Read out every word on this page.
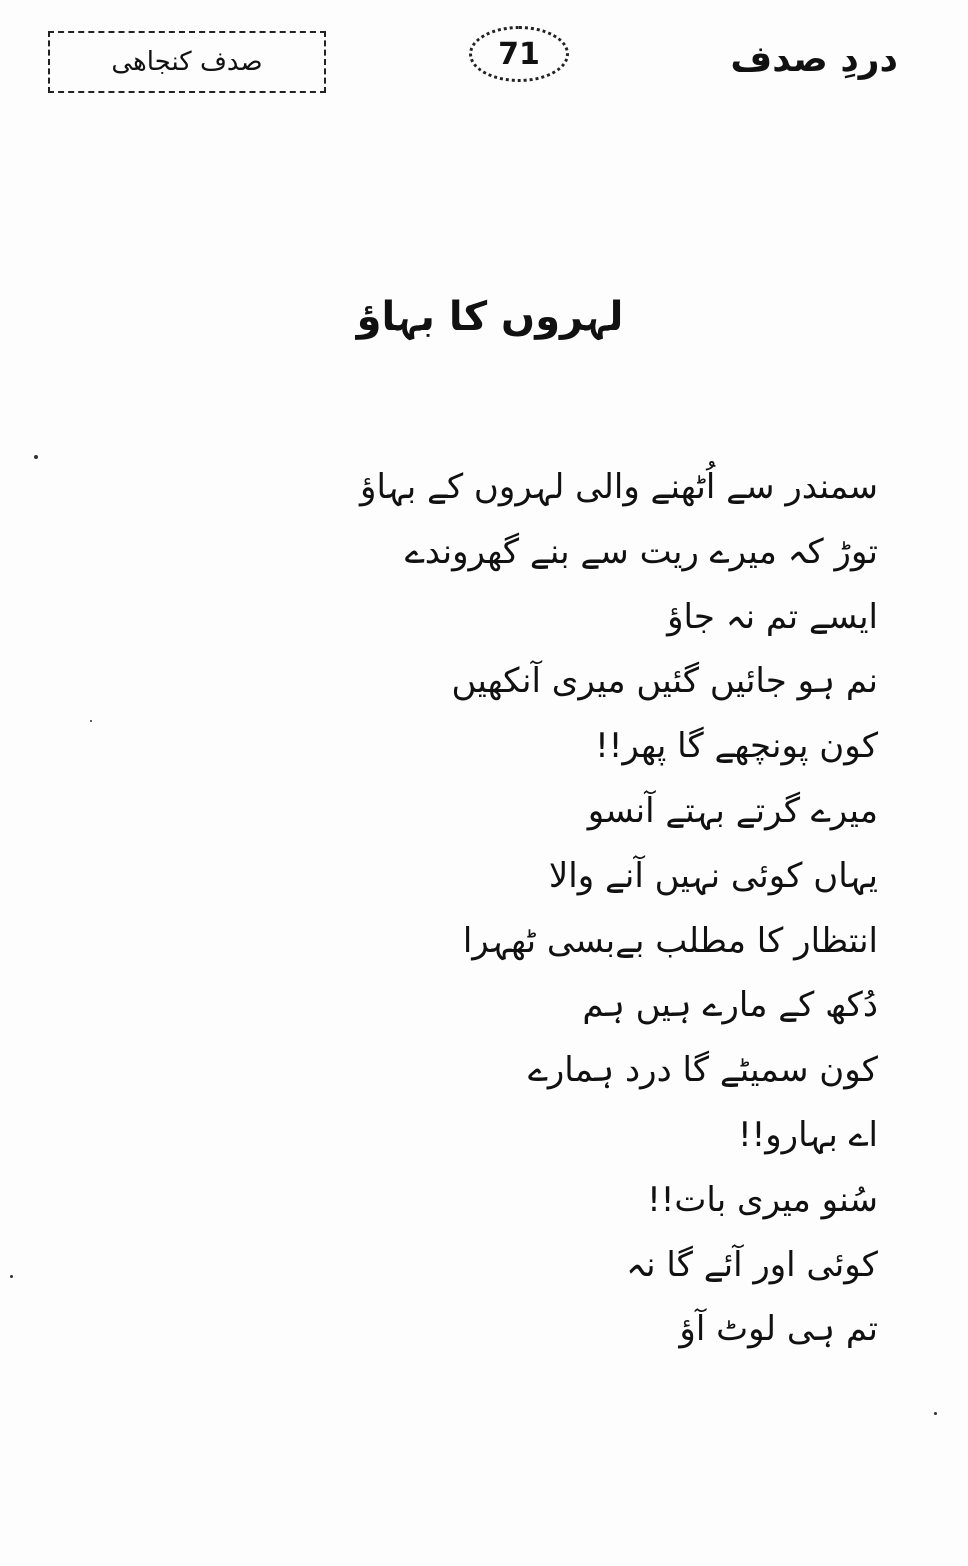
صدف کنجاھی	71	دردِ صدف
لہروں کا بہاؤ
سمندر سے اُٹھنے والی لہروں کے بہاؤ
توڑ کہ میرے ریت سے بنے گھروندے
ایسے تم نہ جاؤ
نم ہو جائیں گئیں میری آنکھیں
کون پونچھے گا پھر!!
میرے گرتے بہتے آنسو
یہاں کوئی نہیں آنے والا
انتظار کا مطلب بےبسی ٹھہرا
دُکھ کے مارے ہیں ہم
کون سمیٹے گا درد ہمارے
اے بہارو!!
سُنو میری بات!!
کوئی اور آئے گا نہ
تم ہی لوٹ آؤ
